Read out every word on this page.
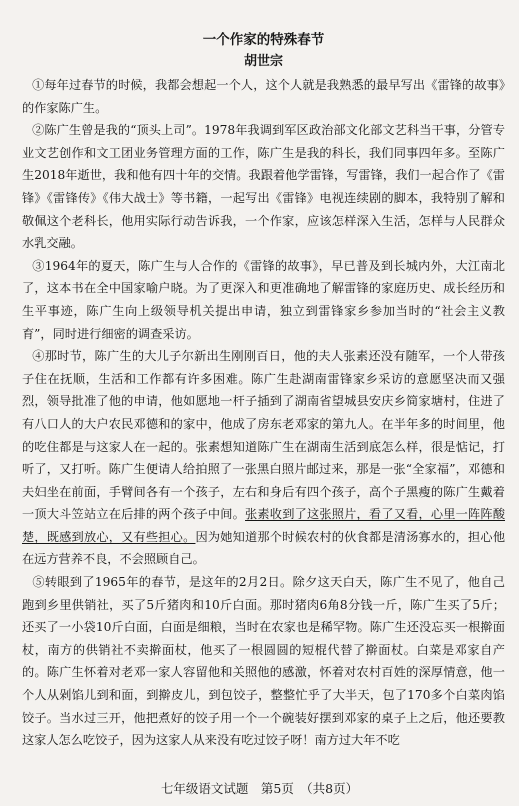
一个作家的特殊春节
胡世宗

①每年过春节的时候，我都会想起一个人，这个人就是我熟悉的最早写出《雷锋的故事》的作家陈广生。

②陈广生曾是我的“顶头上司”。1978年我调到军区政治部文化部文艺科当干事，分管专业文艺创作和文工团业务管理方面的工作，陈广生是我的科长，我们同事四年多。至陈广生2018年逝世，我和他有四十年的交情。我跟着他学雷锋，写雷锋，我们一起合作了《雷锋》《雷锋传》《伟大战士》等书籍，一起写出《雷锋》电视连续剧的脚本，我特别了解和敬佩这个老科长，他用实际行动告诉我，一个作家，应该怎样深入生活，怎样与人民群众水乳交融。

③1964年的夏天，陈广生与人合作的《雷锋的故事》，早已普及到长城内外，大江南北了，这本书在全中国家喻户晓。为了更深入和更准确地了解雷锋的家庭历史、成长经历和生平事迹，陈广生向上级领导机关提出申请，独立到雷锋家乡参加当时的“社会主义教育”，同时进行细密的调查采访。

④那时节，陈广生的大儿子尔新出生刚刚百日，他的夫人张素还没有随军，一个人带孩子住在抚顺，生活和工作都有许多困难。陈广生赴湖南雷锋家乡采访的意愿坚决而又强烈，领导批准了他的申请，他如愿地一杆子插到了湖南省望城县安庆乡简家塘村，住进了有八口人的大户农民邓德和的家中，他成了房东老邓家的第九人。在半年多的时间里，他的吃住都是与这家人在一起的。张素想知道陈广生在湖南生活到底怎么样，很是惦记，打听了，又打听。陈广生便请人给拍照了一张黑白照片邮过来，那是一张“全家福”，邓德和夫妇坐在前面，手臂间各有一个孩子，左右和身后有四个孩子，高个子黑瘦的陈广生戴着一顶大斗笠站立在后排的两个孩子中间。张素收到了这张照片，看了又看，心里一阵阵酸楚，既感到放心，又有些担心。因为她知道那个时候农村的伙食都是清汤寡水的，担心他在远方营养不良，不会照顾自己。

⑤转眼到了1965年的春节，是这年的2月2日。除夕这天白天，陈广生不见了，他自己跑到乡里供销社，买了5斤猪肉和10斤白面。那时猪肉6角8分钱一斤，陈广生买了5斤；还买了一小袋10斤白面，白面是细粮，当时在农家也是稀罕物。陈广生还没忘买一根擀面杖，南方的供销社不卖擀面杖，他买了一根圆圆的短棍代替了擀面杖。白菜是邓家自产的。陈广生怀着对老邓一家人容留他和关照他的感激，怀着对农村百姓的深厚情意，他一个人从剁馅儿到和面，到擀皮儿，到包饺子，整整忙乎了大半天，包了170多个白菜肉馅饺子。当水过三开，他把煮好的饺子用一个一个碗装好摆到邓家的桌子上之后，他还要教这家人怎么吃饺子，因为这家人从来没有吃过饺子呀！南方过大年不吃

七年级语文试题　第5页　（共8页）
